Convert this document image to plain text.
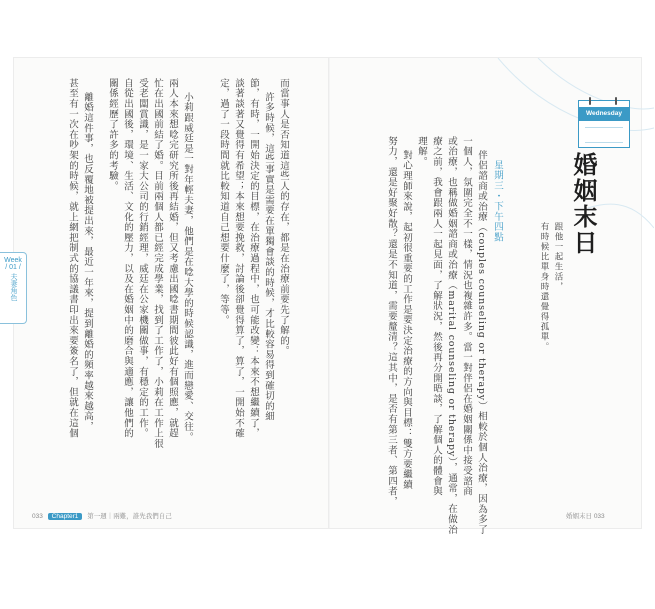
Week
/ 01 /
夫妻角色	而當事人是否知道這些人的存在，都是在治療前要先了解的。
許多時候，這些事實是需要在單獨會談的時候，才比較容易得到確切的細
節，有時，一開始決定的目標，在治療過程中，也可能改變：本來不想繼續了，
談著談著又覺得有希望；本來想要挽救，討論後卻覺得算了，算了，一開始不確
定，過了一段時間就比較知道自己想要什麼了，等等。
小莉跟威廷是一對年輕夫妻，他們是在唸大學的時候認識，進而戀愛、交往。
兩人本來想唸完研究所後再結婚，但又考慮出國唸書期間彼此好有個照應，就趕
忙在出國前結了婚。目前兩個人都已經完成學業，找到了工作了，小莉在工作上很
受老闆賞識，是一家大公司的行銷經理，威廷在公家機關做事，有穩定的工作。
自從出國後，環境、生活、文化的壓力，以及在婚姻中的磨合與適應，讓他們的
關係經歷了許多的考驗。
離婚這件事，也反覆地被提出來，最近一年來，提到離婚的頻率越來越高，
甚至有一次在吵架的時候，就上網把制式的協議書印出來要簽名了，但就在這個	Wednesday
婚姻末日
跟他一起生活，
有時候比單身時還覺得孤單。
星期三・下午四點
伴侶諮商或治療（couples counseling or therapy）相較於個人治療，因為多了
一個人，氛圍完全不一樣，情況也複雜許多。當一對伴侶在婚姻關係中接受諮商
或治療，也稱做婚姻諮商或治療（marital counseling or therapy），通常，在做治
療之前，我會跟兩人一起見面，了解狀況，然後再分開晤談，了解個人的體會與
理解。
對心理師來說，起初很重要的工作是要決定治療的方向與目標：雙方要繼續
努力，還是好聚好散？還是不知道，需要釐清？這其中，是否有第三者、第四者，
033 Chapter1 第一週｜兩難，誰先我們自己	婚姻末日 033
